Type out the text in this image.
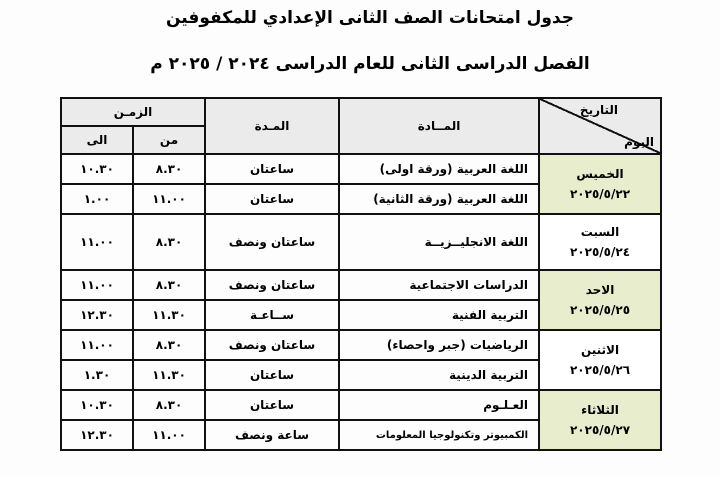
جدول امتحانات الصف الثانى الإعدادي للمكفوفين
الفصل الدراسى الثانى للعام الدراسى ٢٠٢٤ / ٢٠٢٥ م
التاريخ
اليوم	المــادة	المـدة	الزمـن	
			من	الى

الخميس
٢٠٢٥/٥/٢٢	اللغة العربية (ورقة اولى)	ساعتان	٨.٣٠	١٠.٣٠
	اللغة العربية (ورقة الثانية)	ساعتان	١١.٠٠	١.٠٠

السبت
٢٠٢٥/٥/٢٤	اللغة الانجليــزيــة	ساعتان ونصف	٨.٣٠	١١.٠٠

الاحد
٢٠٢٥/٥/٢٥	الدراسات الاجتماعية	ساعتان ونصف	٨.٣٠	١١.٠٠
	التربية الفنية	ســاعـة	١١.٣٠	١٢.٣٠

الاثنين
٢٠٢٥/٥/٢٦	الرياضيات (جبر واحصاء)	ساعتان ونصف	٨.٣٠	١١.٠٠
	التربية الدينية	ساعتان	١١.٣٠	١.٣٠

الثلاثاء
٢٠٢٥/٥/٢٧	العـلـوم	ساعتان	٨.٣٠	١٠.٣٠
	الكمبيوتر وتكنولوجيا المعلومات	ساعة ونصف	١١.٠٠	١٢.٣٠
